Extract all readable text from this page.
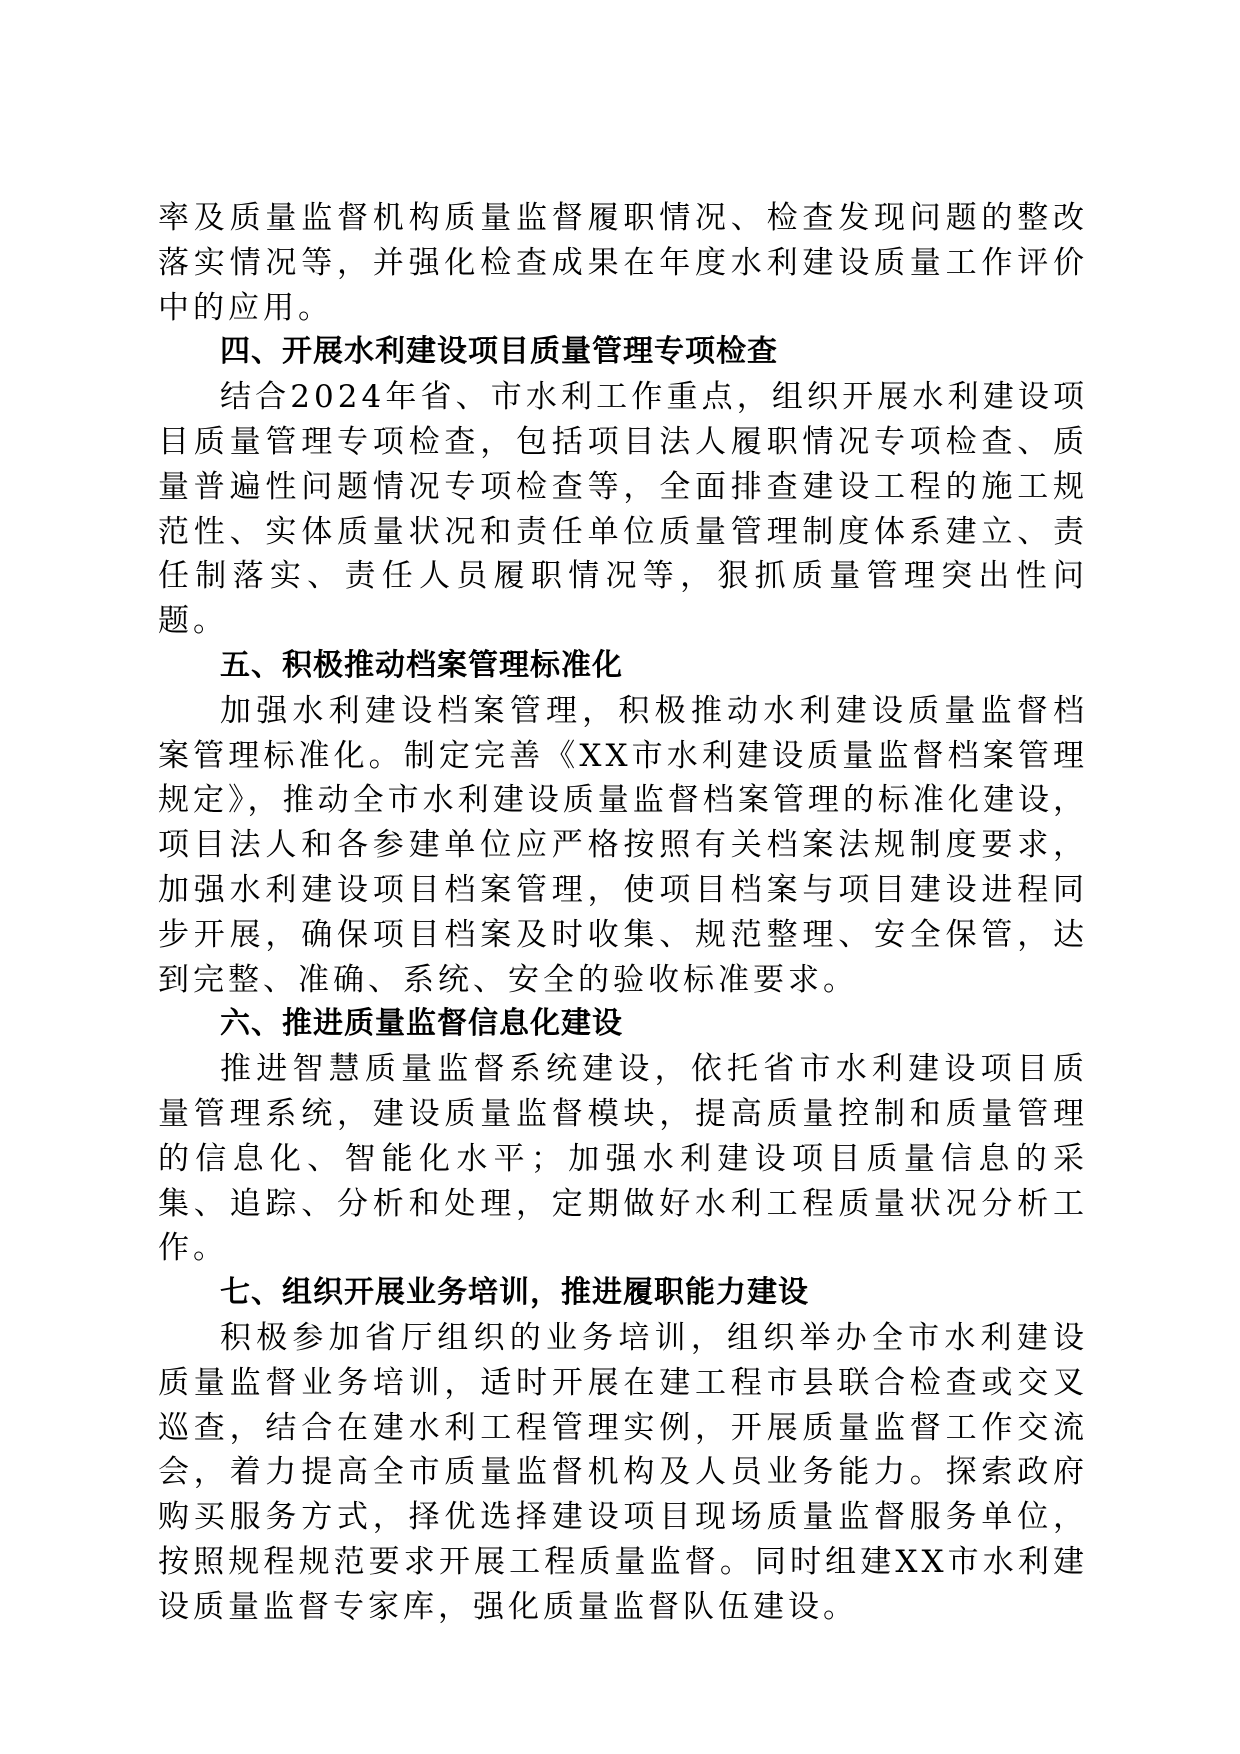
率及质量监督机构质量监督履职情况、检查发现问题的整改落实情况等，并强化检查成果在年度水利建设质量工作评价中的应用。

四、开展水利建设项目质量管理专项检查

结合2024年省、市水利工作重点，组织开展水利建设项目质量管理专项检查，包括项目法人履职情况专项检查、质量普遍性问题情况专项检查等，全面排查建设工程的施工规范性、实体质量状况和责任单位质量管理制度体系建立、责任制落实、责任人员履职情况等，狠抓质量管理突出性问题。

五、积极推动档案管理标准化

加强水利建设档案管理，积极推动水利建设质量监督档案管理标准化。制定完善《XX市水利建设质量监督档案管理规定》，推动全市水利建设质量监督档案管理的标准化建设，项目法人和各参建单位应严格按照有关档案法规制度要求，加强水利建设项目档案管理，使项目档案与项目建设进程同步开展，确保项目档案及时收集、规范整理、安全保管，达到完整、准确、系统、安全的验收标准要求。

六、推进质量监督信息化建设

推进智慧质量监督系统建设，依托省市水利建设项目质量管理系统，建设质量监督模块，提高质量控制和质量管理的信息化、智能化水平；加强水利建设项目质量信息的采集、追踪、分析和处理，定期做好水利工程质量状况分析工作。

七、组织开展业务培训，推进履职能力建设

积极参加省厅组织的业务培训，组织举办全市水利建设质量监督业务培训，适时开展在建工程市县联合检查或交叉巡查，结合在建水利工程管理实例，开展质量监督工作交流会，着力提高全市质量监督机构及人员业务能力。探索政府购买服务方式，择优选择建设项目现场质量监督服务单位，按照规程规范要求开展工程质量监督。同时组建XX市水利建设质量监督专家库，强化质量监督队伍建设。
